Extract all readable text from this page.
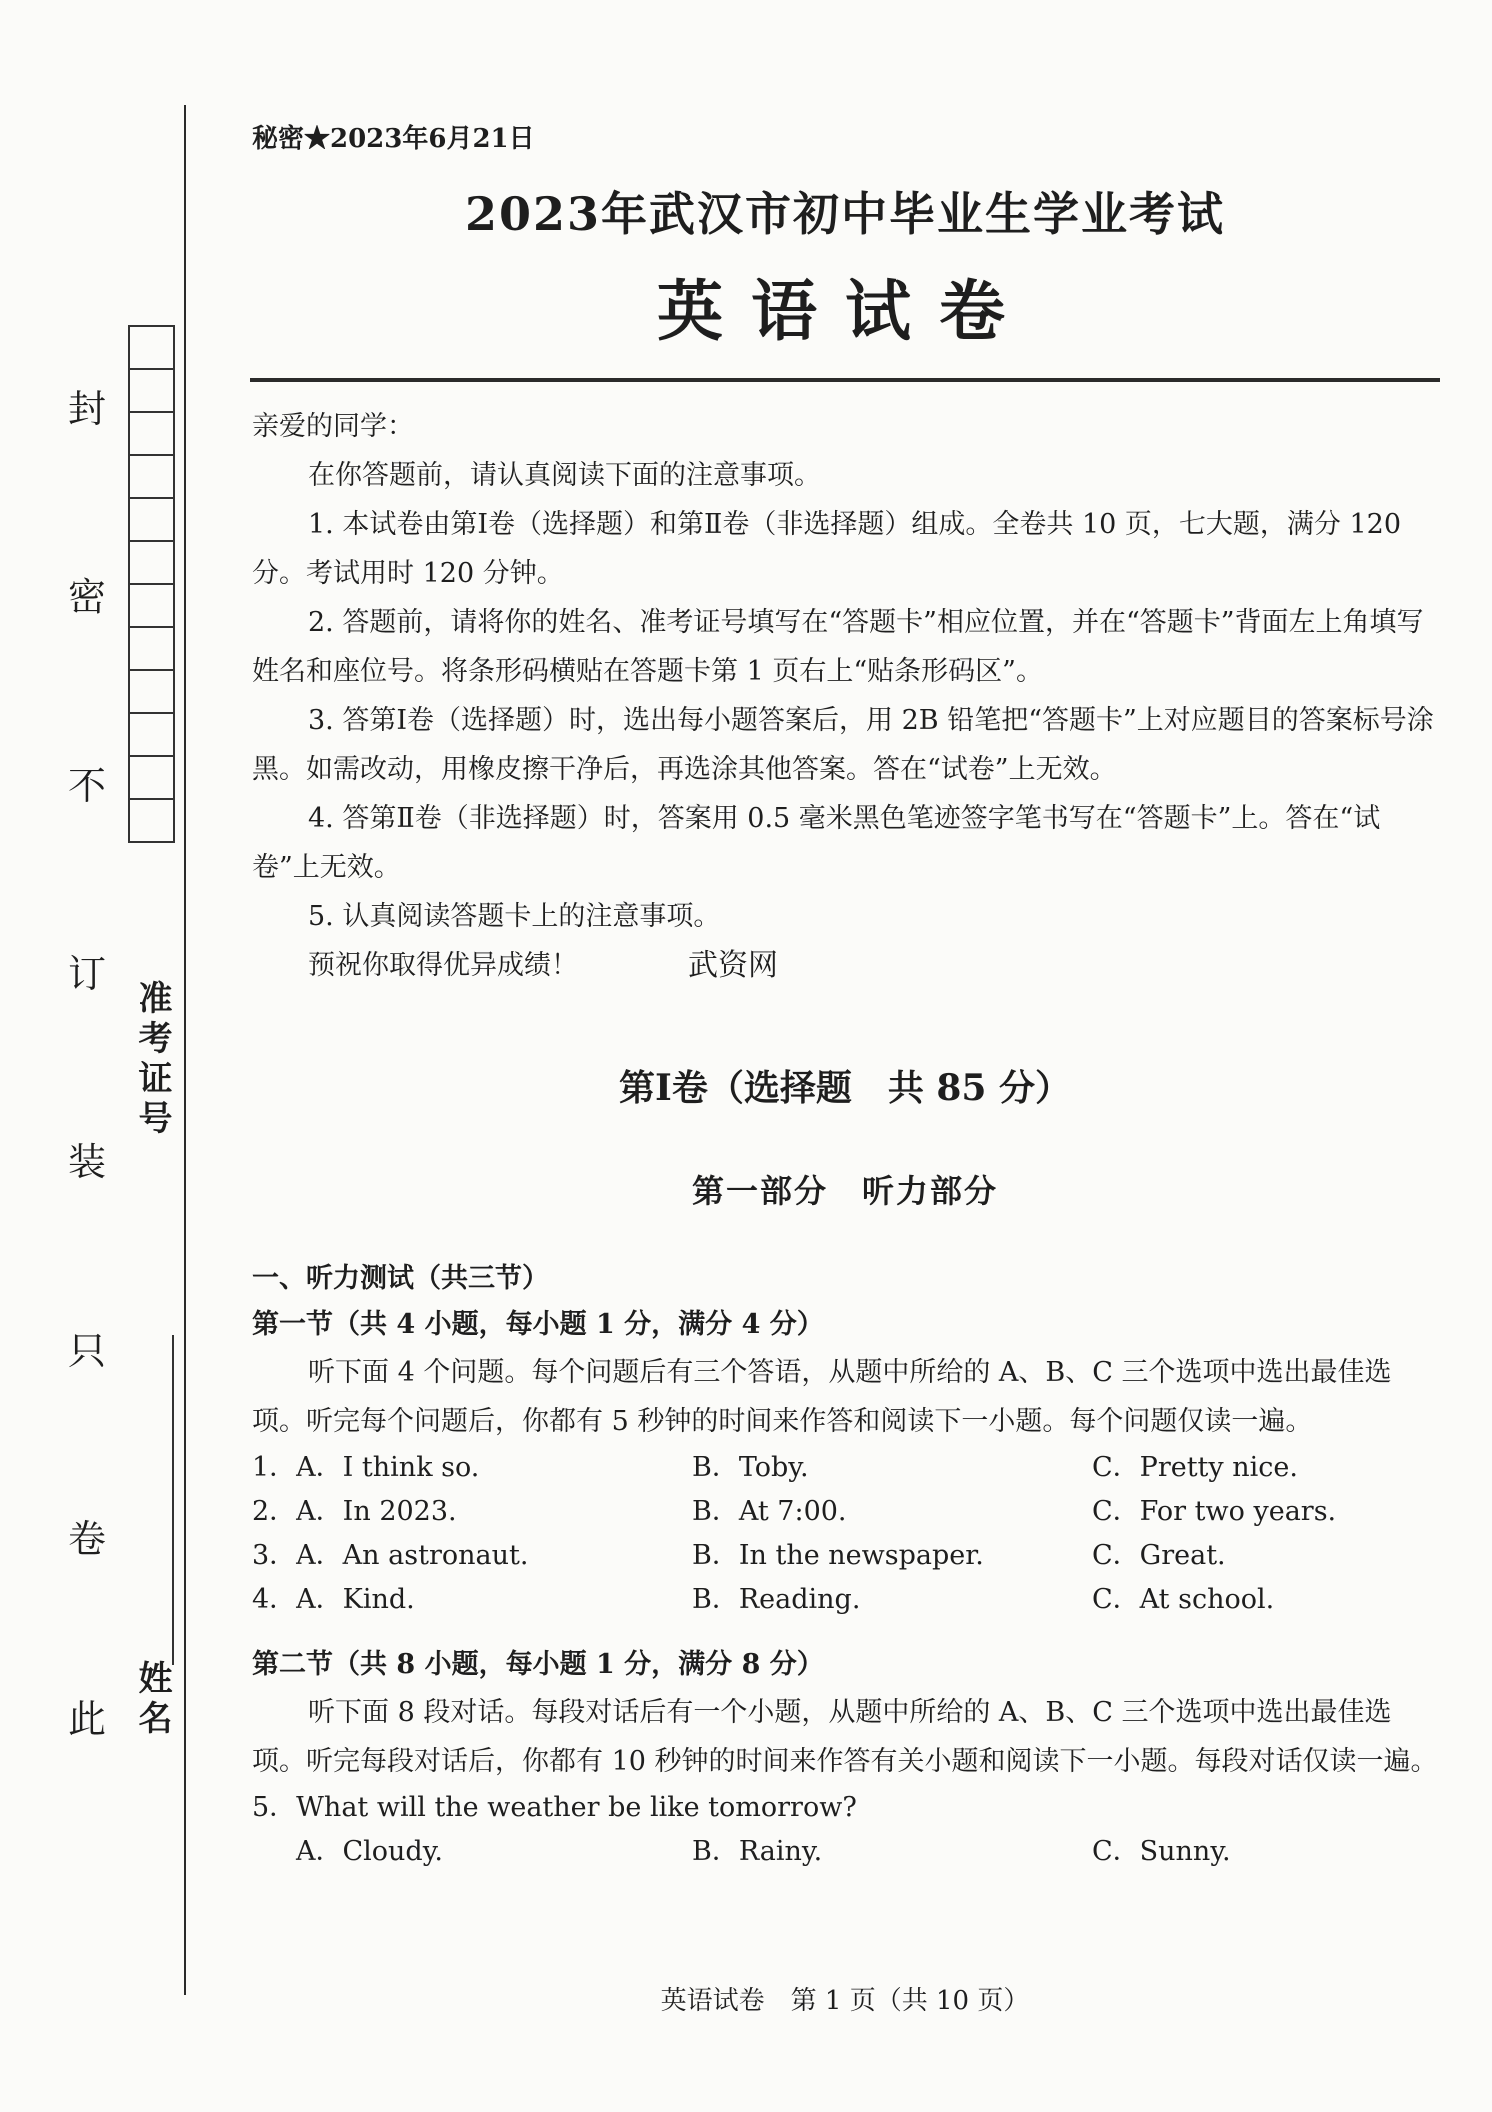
封
密
不
订
装
只
卷
此
准考证号
姓名
秘密★2023年6月21日
2023年武汉市初中毕业生学业考试
英语试卷

亲爱的同学：

在你答题前，请认真阅读下面的注意事项。

1. 本试卷由第Ⅰ卷（选择题）和第Ⅱ卷（非选择题）组成。全卷共 10 页，七大题，满分 120 分。考试用时 120 分钟。

2. 答题前，请将你的姓名、准考证号填写在“答题卡”相应位置，并在“答题卡”背面左上角填写姓名和座位号。将条形码横贴在答题卡第 1 页右上“贴条形码区”。

3. 答第Ⅰ卷（选择题）时，选出每小题答案后，用 2B 铅笔把“答题卡”上对应题目的答案标号涂黑。如需改动，用橡皮擦干净后，再选涂其他答案。答在“试卷”上无效。

4. 答第Ⅱ卷（非选择题）时，答案用 0.5 毫米黑色笔迹签字笔书写在“答题卡”上。答在“试卷”上无效。

5. 认真阅读答题卡上的注意事项。

预祝你取得优异成绩！	武资网
第Ⅰ卷（选择题　共 85 分）
第一部分　听力部分
一、听力测试（共三节）
第一节（共 4 小题，每小题 1 分，满分 4 分）

听下面 4 个问题。每个问题后有三个答语，从题中所给的 A、B、C 三个选项中选出最佳选项。听完每个问题后，你都有 5 秒钟的时间来作答和阅读下一小题。每个问题仅读一遍。

1．A．I think so.	B．Toby.	C．Pretty nice.
2．A．In 2023.	B．At 7:00.	C．For two years.
3．A．An astronaut.	B．In the newspaper.	C．Great.
4．A．Kind.	B．Reading.	C．At school.
第二节（共 8 小题，每小题 1 分，满分 8 分）

听下面 8 段对话。每段对话后有一个小题，从题中所给的 A、B、C 三个选项中选出最佳选项。听完每段对话后，你都有 10 秒钟的时间来作答有关小题和阅读下一小题。每段对话仅读一遍。

5．What will the weather be like tomorrow?
A．Cloudy.	B．Rainy.	C．Sunny.
英语试卷　第 1 页（共 10 页）
